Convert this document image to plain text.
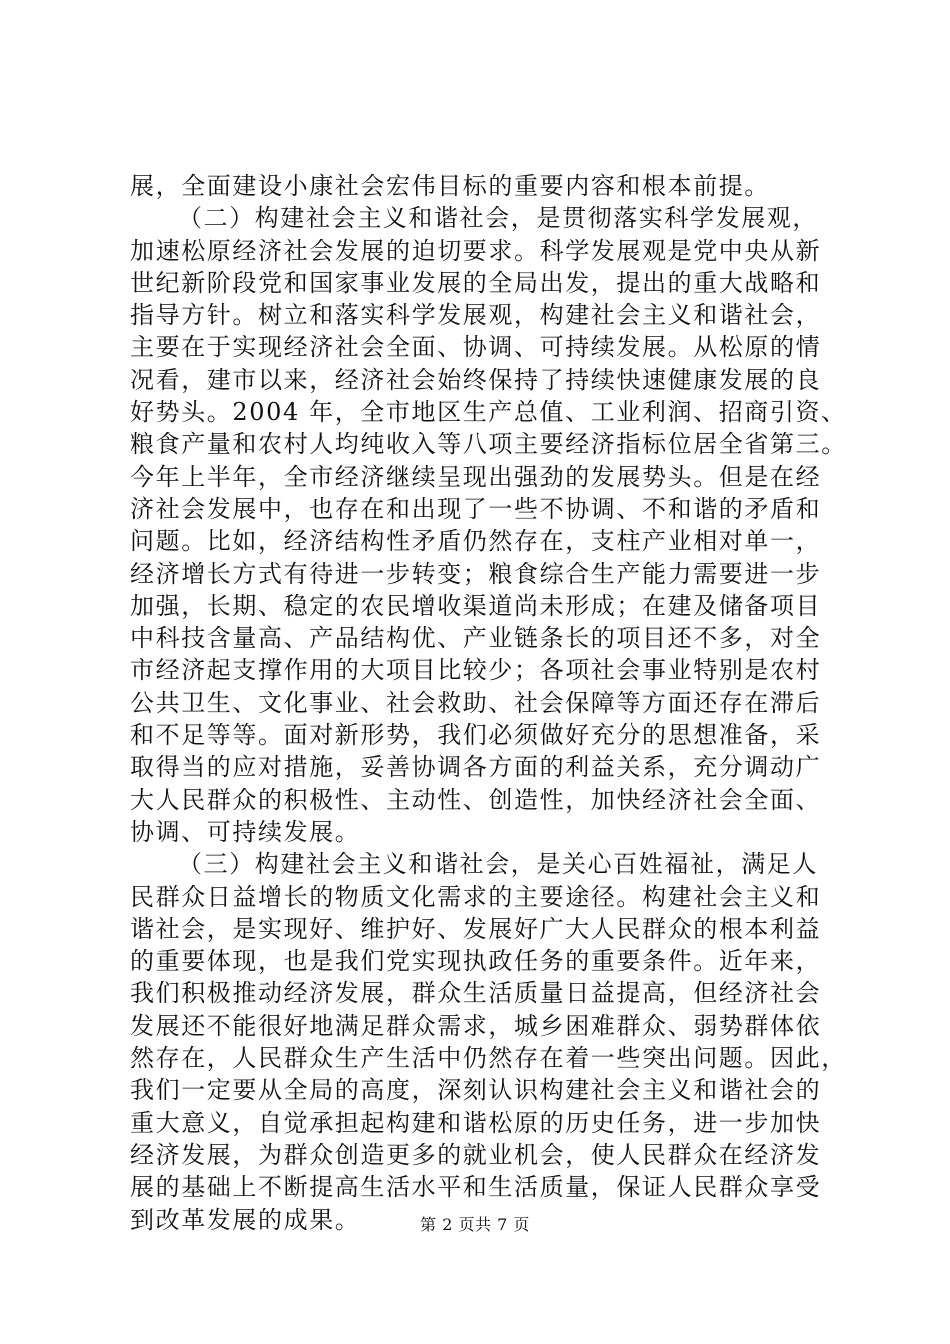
展，全面建设小康社会宏伟目标的重要内容和根本前提。
（二）构建社会主义和谐社会，是贯彻落实科学发展观，
加速松原经济社会发展的迫切要求。科学发展观是党中央从新
世纪新阶段党和国家事业发展的全局出发，提出的重大战略和
指导方针。树立和落实科学发展观，构建社会主义和谐社会，
主要在于实现经济社会全面、协调、可持续发展。从松原的情
况看，建市以来，经济社会始终保持了持续快速健康发展的良
好势头。2004 年，全市地区生产总值、工业利润、招商引资、
粮食产量和农村人均纯收入等八项主要经济指标位居全省第三。
今年上半年，全市经济继续呈现出强劲的发展势头。但是在经
济社会发展中，也存在和出现了一些不协调、不和谐的矛盾和
问题。比如，经济结构性矛盾仍然存在，支柱产业相对单一，
经济增长方式有待进一步转变；粮食综合生产能力需要进一步
加强，长期、稳定的农民增收渠道尚未形成；在建及储备项目
中科技含量高、产品结构优、产业链条长的项目还不多，对全
市经济起支撑作用的大项目比较少；各项社会事业特别是农村
公共卫生、文化事业、社会救助、社会保障等方面还存在滞后
和不足等等。面对新形势，我们必须做好充分的思想准备，采
取得当的应对措施，妥善协调各方面的利益关系，充分调动广
大人民群众的积极性、主动性、创造性，加快经济社会全面、
协调、可持续发展。
（三）构建社会主义和谐社会，是关心百姓福祉，满足人
民群众日益增长的物质文化需求的主要途径。构建社会主义和
谐社会，是实现好、维护好、发展好广大人民群众的根本利益
的重要体现，也是我们党实现执政任务的重要条件。近年来，
我们积极推动经济发展，群众生活质量日益提高，但经济社会
发展还不能很好地满足群众需求，城乡困难群众、弱势群体依
然存在，人民群众生产生活中仍然存在着一些突出问题。因此，
我们一定要从全局的高度，深刻认识构建社会主义和谐社会的
重大意义，自觉承担起构建和谐松原的历史任务，进一步加快
经济发展，为群众创造更多的就业机会，使人民群众在经济发
展的基础上不断提高生活水平和生活质量，保证人民群众享受
到改革发展的成果。	第 2 页共 7 页
